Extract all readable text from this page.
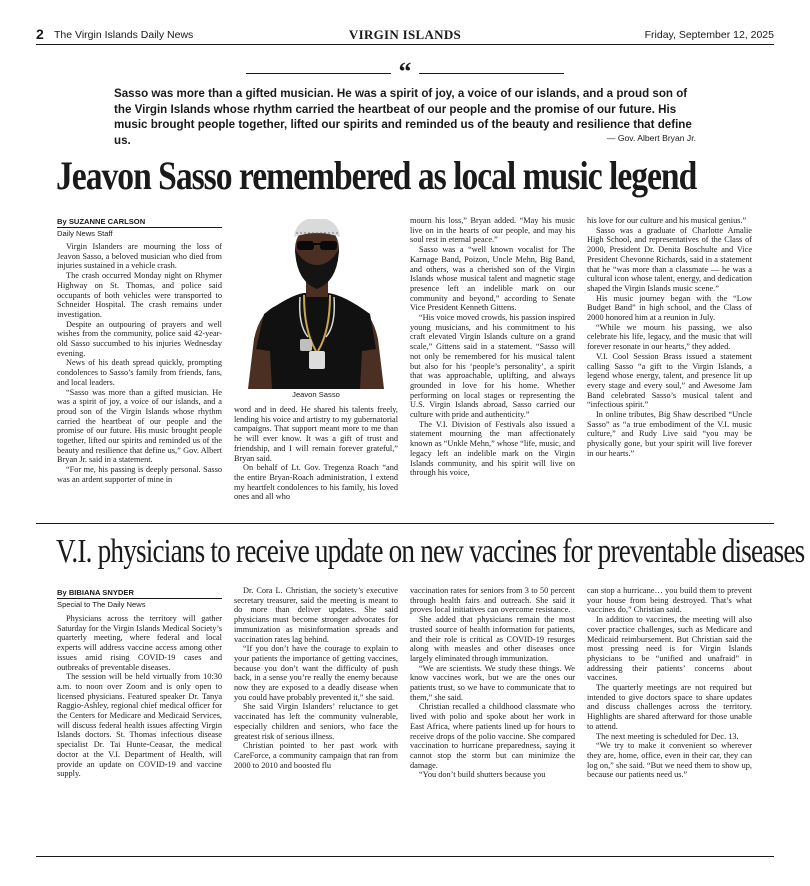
2 The Virgin Islands Daily News	VIRGIN ISLANDS	Friday, September 12, 2025
“
Sasso was more than a gifted musician. He was a spirit of joy, a voice of our islands, and a proud son of the Virgin Islands whose rhythm carried the heartbeat of our people and the promise of our future. His music brought people together, lifted our spirits and reminded us of the beauty and resilience that define us.	— Gov. Albert Bryan Jr.
Jeavon Sasso remembered as local music legend
By SUZANNE CARLSON
Daily News Staff

Virgin Islanders are mourning the loss of Jeavon Sasso, a beloved musician who died from injuries sustained in a vehicle crash.

The crash occurred Monday night on Rhymer Highway on St. Thomas, and police said occupants of both vehicles were transported to Schneider Hospital. The crash remains under investigation.

Despite an outpouring of prayers and well wishes from the community, police said 42-year-old Sasso succumbed to his injuries Wednesday evening.

News of his death spread quickly, prompting condolences to Sasso’s family from friends, fans, and local leaders.

“Sasso was more than a gifted musician. He was a spirit of joy, a voice of our islands, and a proud son of the Virgin Islands whose rhythm carried the heartbeat of our people and the promise of our future. His music brought people together, lifted our spirits and reminded us of the beauty and resilience that define us,” Gov. Albert Bryan Jr. said in a statement.

“For me, his passing is deeply personal. Sasso was an ardent supporter of mine in

Jeavon Sasso

word and in deed. He shared his talents freely, lending his voice and artistry to my gubernatorial campaigns. That support meant more to me than he will ever know. It was a gift of trust and friendship, and I will remain forever grateful,” Bryan said.

On behalf of Lt. Gov. Tregenza Roach “and the entire Bryan-Roach administration, I extend my heartfelt condolences to his family, his loved ones and all who

mourn his loss,” Bryan added. “May his music live on in the hearts of our people, and may his soul rest in eternal peace.”

Sasso was a “well known vocalist for The Karnage Band, Poizon, Uncle Mehn, Big Band, and others, was a cherished son of the Virgin Islands whose musical talent and magnetic stage presence left an indelible mark on our community and beyond,” according to Senate Vice President Kenneth Gittens.

“His voice moved crowds, his passion inspired young musicians, and his commitment to his craft elevated Virgin Islands culture on a grand scale,” Gittens said in a statement. “Sasso will not only be remembered for his musical talent but also for his ‘people’s personality’, a spirit that was approachable, uplifting, and always grounded in love for his home. Whether performing on local stages or representing the U.S. Virgin Islands abroad, Sasso carried our culture with pride and authenticity.”

The V.I. Division of Festivals also issued a statement mourning the man affectionately known as “Unkle Mehn,” whose “life, music, and legacy left an indelible mark on the Virgin Islands community, and his spirit will live on through his voice,

his love for our culture and his musical genius.”

Sasso was a graduate of Charlotte Amalie High School, and representatives of the Class of 2000, President Dr. Denita Boschulte and Vice President Chevonne Richards, said in a statement that he “was more than a classmate — he was a cultural icon whose talent, energy, and dedication shaped the Virgin Islands music scene.”

His music journey began with the “Low Budget Band” in high school, and the Class of 2000 honored him at a reunion in July.

“While we mourn his passing, we also celebrate his life, legacy, and the music that will forever resonate in our hearts,” they added.

V.I. Cool Session Brass issued a statement calling Sasso “a gift to the Virgin Islands, a legend whose energy, talent, and presence lit up every stage and every soul,” and Awesome Jam Band celebrated Sasso’s musical talent and “infectious spirit.”

In online tributes, Big Shaw described “Uncle Sasso” as “a true embodiment of the V.I. music culture,” and Rudy Live said “you may be physically gone, but your spirit will live forever in our hearts.”

V.I. physicians to receive update on new vaccines for preventable diseases
By BIBIANA SNYDER
Special to The Daily News

Physicians across the territory will gather Saturday for the Virgin Islands Medical Society’s quarterly meeting, where federal and local experts will address vaccine access among other issues amid rising COVID-19 cases and outbreaks of preventable diseases.

The session will be held virtually from 10:30 a.m. to noon over Zoom and is only open to licensed physicians. Featured speaker Dr. Tanya Raggio-Ashley, regional chief medical officer for the Centers for Medicare and Medicaid Services, will discuss federal health issues affecting Virgin Islands doctors. St. Thomas infectious disease specialist Dr. Tai Hunte-Ceasar, the medical doctor at the V.I. Department of Health, will provide an update on COVID-19 and vaccine supply.

Dr. Cora L. Christian, the society’s executive secretary treasurer, said the meeting is meant to do more than deliver updates. She said physicians must become stronger advocates for immunization as misinformation spreads and vaccination rates lag behind.

“If you don’t have the courage to explain to your patients the importance of getting vaccines, because you don’t want the difficulty of push back, in a sense you’re really the enemy because now they are exposed to a deadly disease when you could have probably prevented it,” she said.

She said Virgin Islanders’ reluctance to get vaccinated has left the community vulnerable, especially children and seniors, who face the greatest risk of serious illness.

Christian pointed to her past work with CareForce, a community campaign that ran from 2000 to 2010 and boosted flu

vaccination rates for seniors from 3 to 50 percent through health fairs and outreach. She said it proves local initiatives can overcome resistance.

She added that physicians remain the most trusted source of health information for patients, and their role is critical as COVID-19 resurges along with measles and other diseases once largely eliminated through immunization.

“We are scientists. We study these things. We know vaccines work, but we are the ones our patients trust, so we have to communicate that to them,” she said.

Christian recalled a childhood classmate who lived with polio and spoke about her work in East Africa, where patients lined up for hours to receive drops of the polio vaccine. She compared vaccination to hurricane preparedness, saying it cannot stop the storm but can minimize the damage.

“You don’t build shutters because you

can stop a hurricane… you build them to prevent your house from being destroyed. That’s what vaccines do,” Christian said.

In addition to vaccines, the meeting will also cover practice challenges, such as Medicare and Medicaid reimbursement. But Christian said the most pressing need is for Virgin Islands physicians to be “unified and unafraid” in addressing their patients’ concerns about vaccines.

The quarterly meetings are not required but intended to give doctors space to share updates and discuss challenges across the territory. Highlights are shared afterward for those unable to attend.

The next meeting is scheduled for Dec. 13.

“We try to make it convenient so wherever they are, home, office, even in their car, they can log on,” she said. “But we need them to show up, because our patients need us.”
